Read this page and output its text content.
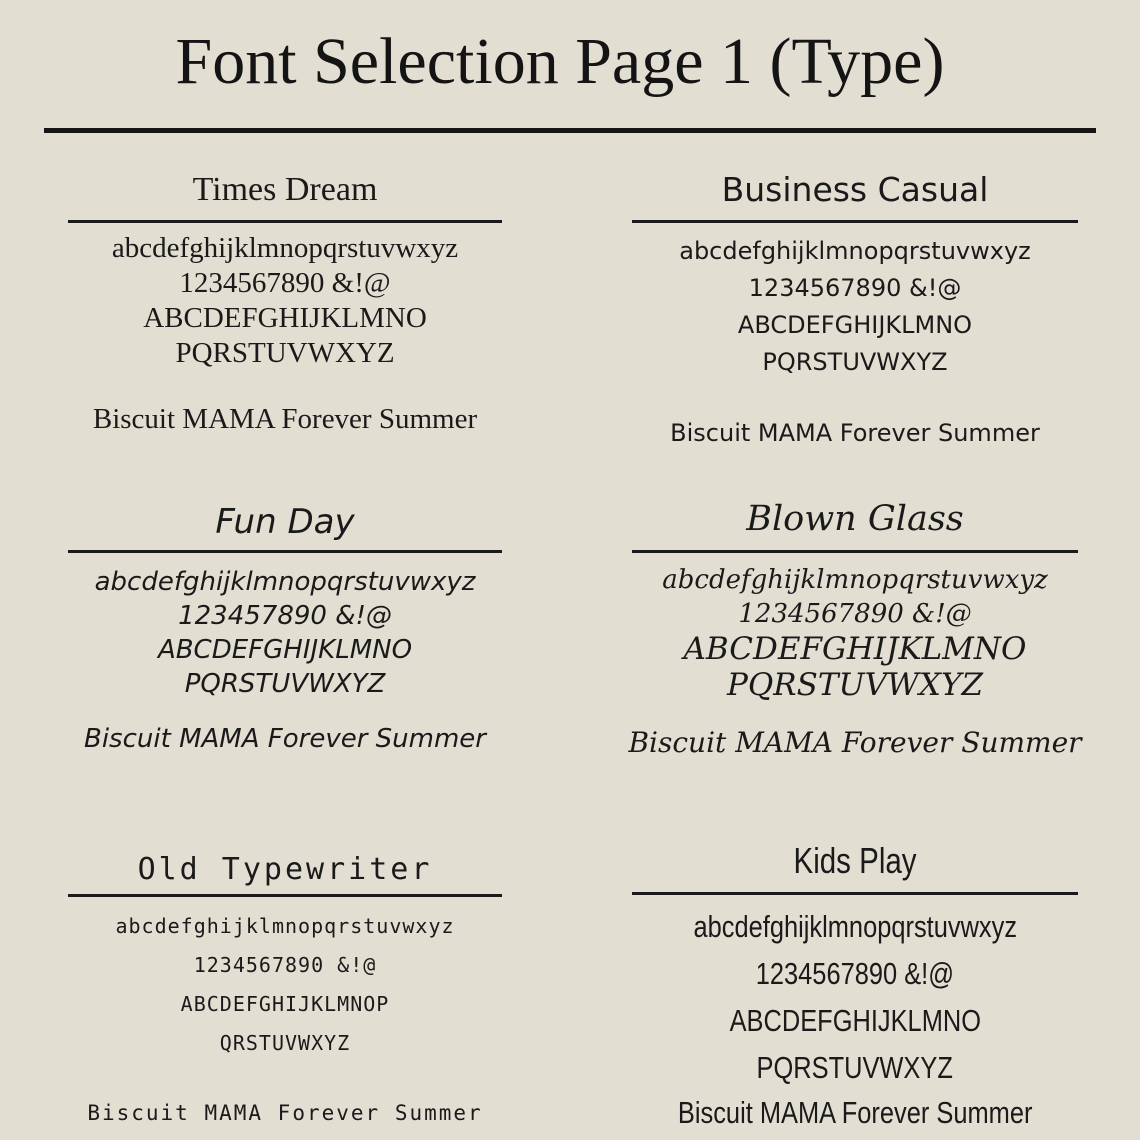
Font Selection Page 1 (Type)
Times Dream
abcdefghijklmnopqrstuvwxyz
1234567890 &!@
ABCDEFGHIJKLMNO
PQRSTUVWXYZ
Biscuit MAMA Forever Summer
Business Casual
abcdefghijklmnopqrstuvwxyz
1234567890 &!@
ABCDEFGHIJKLMNO
PQRSTUVWXYZ
Biscuit MAMA Forever Summer
Fun Day
abcdefghijklmnopqrstuvwxyz
123457890 &!@
ABCDEFGHIJKLMNO
PQRSTUVWXYZ
Biscuit MAMA Forever Summer
Blown Glass
abcdefghijklmnopqrstuvwxyz
1234567890 &!@
ABCDEFGHIJKLMNO
PQRSTUVWXYZ
Biscuit MAMA Forever Summer
Old Typewriter
abcdefghijklmnopqrstuvwxyz
1234567890 &!@
ABCDEFGHIJKLMNOP
QRSTUVWXYZ
Biscuit MAMA Forever Summer
Kids Play
abcdefghijklmnopqrstuvwxyz
1234567890 &!@
ABCDEFGHIJKLMNO
PQRSTUVWXYZ
Biscuit MAMA Forever Summer
